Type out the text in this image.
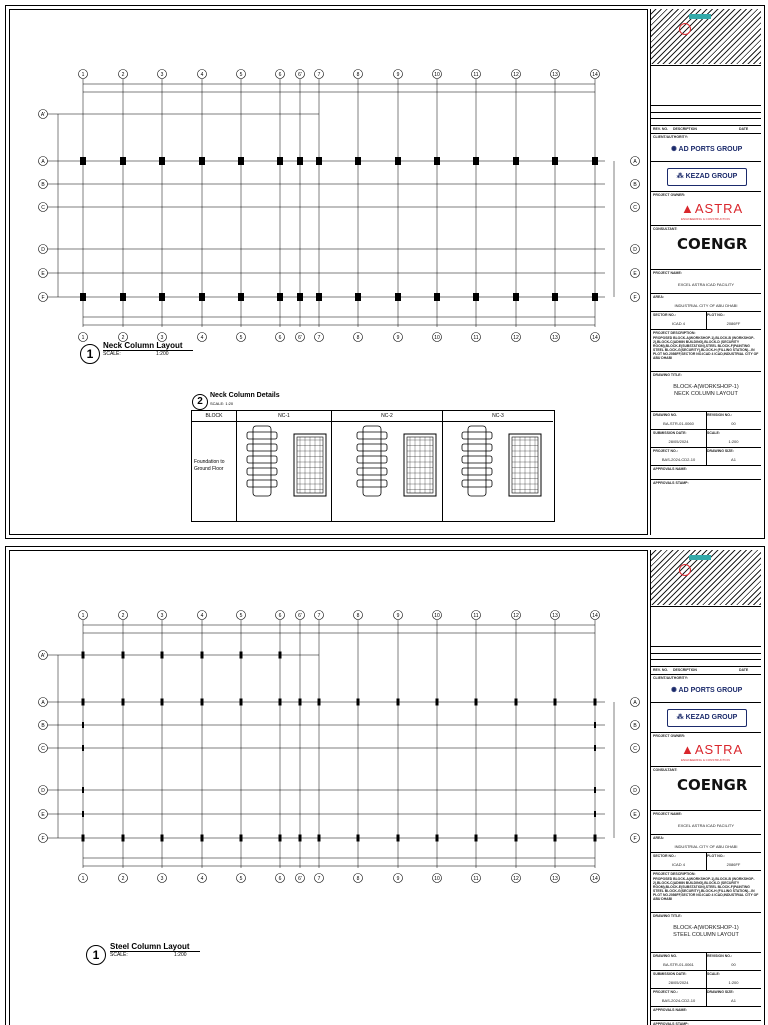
1
1
2
2
3
3
4
4
5
5
6
6
6'
6'
7
7
8
8
9
9
10
10
11
11
12
12
13
13
14
14
A'
A	A
B	B
C	C
D	D
E	E
F	F
1
Neck Column Layout
SCALE:	1:200
2
Neck Column Details
SCALE: 1:20
BLOCK	NC-1	NC-2	NC-3
Foundation to Ground Floor
REV. NO. DESCRIPTION	DATE
CLIENT/AUTHORITY:
✺ AD PORTS GROUP
⁂ KEZAD GROUP
PROJECT OWNER:
▲ASTRA
ENGINEERING & CONSTRUCTION
CONSULTANT:
COENGR
PROJECT NAME:
EXCEL ASTRA ICAD FACILITY
AREA:
INDUSTRIAL CITY OF ABU DHABI
SECTOR NO.:	PLOT NO.:
ICAD 4	2086FF
PROJECT DESCRIPTION:
PROPOSED BLOCK-A(WORKSHOP-1),BLOCK-B (WORKSHOP-2),BLOCK-C(ADMIN BUILDING),BLOCK-D (SECURITY ROOM),BLOCK-E(SUBSTATION),STEEL BLOCK-F(PAINTING STEEL BLOCK-G(SECURITY),BLOCK-H (FILLING STATION)...IN PLOT NO.2086FF,SECTOR NO.ICAD 4 ICAD,INDUSTRIAL CITY OF ABU DHABI
DRAWING TITLE:
BLOCK-A(WORKSHOP-1)
NECK COLUMN LAYOUT
DRAWING NO.	REVISION NO.:
BA-STR-01-0060	00
SUBMISSION DATE:	SCALE:
28/05/2024	1:200
PROJECT NO.:	DRAWING SIZE:
BAS-2024-CD2-10	A1
APPROVALS NAME:
APPROVALS STAMP:
1
1
2
2
3
3
4
4
5
5
6
6
6'
6'
7
7
8
8
9
9
10
10
11
11
12
12
13
13
14
14
A'
A	A
B	B
C	C
D	D
E	E
F	F
1
Steel Column Layout
SCALE:	1:200
REV. NO. DESCRIPTION	DATE
CLIENT/AUTHORITY:
✺ AD PORTS GROUP
⁂ KEZAD GROUP
PROJECT OWNER:
▲ASTRA
ENGINEERING & CONSTRUCTION
CONSULTANT:
COENGR
PROJECT NAME:
EXCEL ASTRA ICAD FACILITY
AREA:
INDUSTRIAL CITY OF ABU DHABI
SECTOR NO.:	PLOT NO.:
ICAD 4	2086FF
PROJECT DESCRIPTION:
PROPOSED BLOCK-A(WORKSHOP-1),BLOCK-B (WORKSHOP-2),BLOCK-C(ADMIN BUILDING),BLOCK-D (SECURITY ROOM),BLOCK-E(SUBSTATION),STEEL BLOCK-F(PAINTING STEEL BLOCK-G(SECURITY),BLOCK-H (FILLING STATION)...IN PLOT NO.2086FF,SECTOR NO.ICAD 4 ICAD,INDUSTRIAL CITY OF ABU DHABI
DRAWING TITLE:
BLOCK-A(WORKSHOP-1)
STEEL COLUMN LAYOUT
DRAWING NO.	REVISION NO.:
BA-STR-01-0061	00
SUBMISSION DATE:	SCALE:
28/05/2024	1:200
PROJECT NO.:	DRAWING SIZE:
BAS-2024-CD2-10	A1
APPROVALS NAME:
APPROVALS STAMP:
